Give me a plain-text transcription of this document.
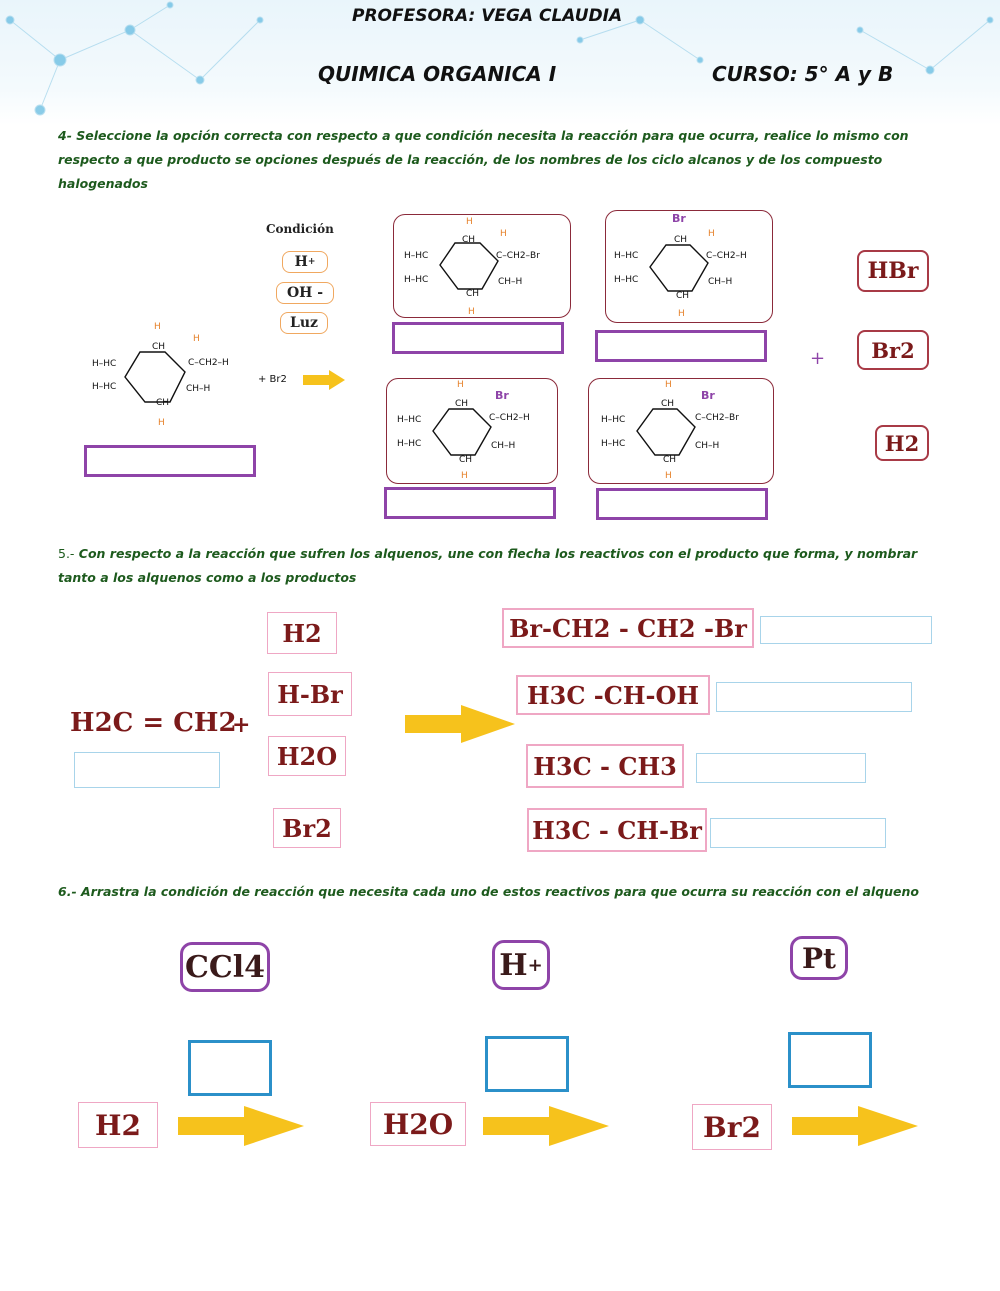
PROFESORA: VEGA CLAUDIA
QUIMICA ORGANICA I	CURSO: 5° A y B
4- Seleccione la opción correcta con respecto a que condición necesita la reacción para que ocurra, realice lo mismo con respecto a que producto se opciones después de la reacción, de los nombres de los ciclo alcanos y de los compuesto halogenados
Condición
H +
OH -
Luz
H
CH
H
C–CH2–H
H–HC
H–HC	CH–H
CH
H
+ Br2 →
H
CH
H
C–CH2–Br
H–HC
H–HC	CH–H
CH
H
Br
CH
H
C–CH2–H
H–HC
H–HC	CH–H
CH
H
+
H
CH
Br
C–CH2–H
H–HC
H–HC	CH–H
CH
H
H
CH
Br
C–CH2–Br
H–HC
H–HC	CH–H
CH
H
HBr
Br2
H2
5.- Con respecto a la reacción que sufren los alquenos, une con flecha los reactivos con el producto que forma, y nombrar tanto a los alquenos como a los productos
H2C = CH2
+
H2
H-Br
H2O
Br2
Br-CH2 - CH2 -Br
H3C -CH-OH
H3C - CH3
H3C - CH-Br
6.- Arrastra la condición de reacción que necesita cada uno de estos reactivos para que ocurra su reacción con el alqueno
CCl4	H +	Pt
H2	H2O	Br2
